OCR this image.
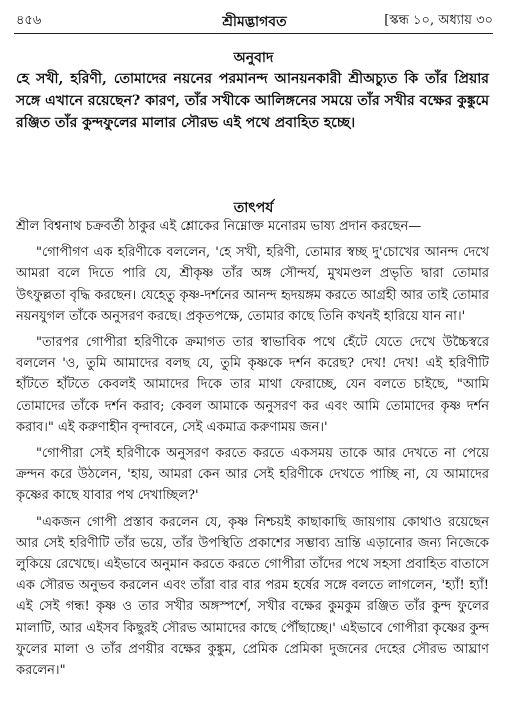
৪৫৬	শ্রীমদ্ভাগবত	[স্কন্ধ ১০, অধ্যায় ৩০
অনুবাদ

হে সখী, হরিণী, তোমাদের নয়নের পরমানন্দ আনয়নকারী শ্রীঅচ্যুত কি তাঁর প্রিয়ার সঙ্গে এখানে রয়েছেন? কারণ, তাঁর সখীকে আলিঙ্গনের সময়ে তাঁর সখীর বক্ষের কুঙ্কুমে রঞ্জিত তাঁর কুন্দফুলের মালার সৌরভ এই পথে প্রবাহিত হচ্ছে।

তাৎপর্য

শ্রীল বিশ্বনাথ চক্রবর্তী ঠাকুর এই শ্লোকের নিম্নোক্ত মনোরম ভাষ্য প্রদান করছেন—

"গোপীগণ এক হরিণীকে বললেন, 'হে সখী, হরিণী, তোমার স্বচ্ছ দু'চোখের আনন্দ দেখে আমরা বলে দিতে পারি যে, শ্রীকৃষ্ণ তাঁর অঙ্গ সৌন্দর্য, মুখমণ্ডল প্রভৃতি দ্বারা তোমার উৎফুল্লতা বৃদ্ধি করছেন। যেহেতু কৃষ্ণ-দর্শনের আনন্দ হৃদয়ঙ্গম করতে আগ্রহী আর তাই তোমার নয়নযুগল তাঁকে অনুসরণ করছে। প্রকৃতপক্ষে, তোমার কাছে তিনি কখনই হারিয়ে যান না।'

"তারপর গোপীরা হরিণীকে ক্রমাগত তার স্বাভাবিক পথে হেঁটে যেতে দেখে উচ্চৈস্বরে বললেন 'ও, তুমি আমাদের বলছ যে, তুমি কৃষ্ণকে দর্শন করেছ? দেখ! দেখ! এই হরিণীটি হাঁটতে হাঁটতে কেবলই আমাদের দিকে তার মাথা ফেরাচ্ছে, যেন বলতে চাইছে, "আমি তোমাদের তাঁকে দর্শন করাব; কেবল আমাকে অনুসরণ কর এবং আমি তোমাদের কৃষ্ণ দর্শন করাব।" এই করুণাহীন বৃন্দাবনে, সেই একমাত্র করুণাময় জন।'

"গোপীরা সেই হরিণীকে অনুসরণ করতে করতে একসময় তাকে আর দেখতে না পেয়ে ক্রন্দন করে উঠলেন, 'হায়, আমরা কেন আর সেই হরিণীকে দেখতে পাচ্ছি না, যে আমাদের কৃষ্ণের কাছে যাবার পথ দেখাচ্ছিল?'

"একজন গোপী প্রস্তাব করলেন যে, কৃষ্ণ নিশ্চয়ই কাছাকাছি জায়গায় কোথাও রয়েছেন আর সেই হরিণীটি তাঁর ভয়ে, তাঁর উপস্থিতি প্রকাশের সম্ভাব্য ভ্রান্তি এড়ানোর জন্য নিজেকে লুকিয়ে রেখেছে। এইভাবে অনুমান করতে করতে গোপীরা তাঁদের পথে সহসা প্রবাহিত বাতাসে এক সৌরভ অনুভব করলেন এবং তাঁরা বার বার পরম হর্ষের সঙ্গে বলতে লাগলেন, 'হ্যাঁ! হ্যাঁ! এই সেই গন্ধ! কৃষ্ণ ও তার সখীর অঙ্গস্পর্শে, সখীর বক্ষের কুমকুম রঞ্জিত তাঁর কুন্দ ফুলের মালাটি, আর এইসব কিছুরই সৌরভ আমাদের কাছে পৌঁছাচ্ছে।' এইভাবে গোপীরা কৃষ্ণের কুন্দ ফুলের মালা ও তাঁর প্রণয়ীর বক্ষের কুঙ্কুম, প্রেমিক প্রেমিকা দুজনের দেহের সৌরভ আঘ্রাণ করলেন।"
